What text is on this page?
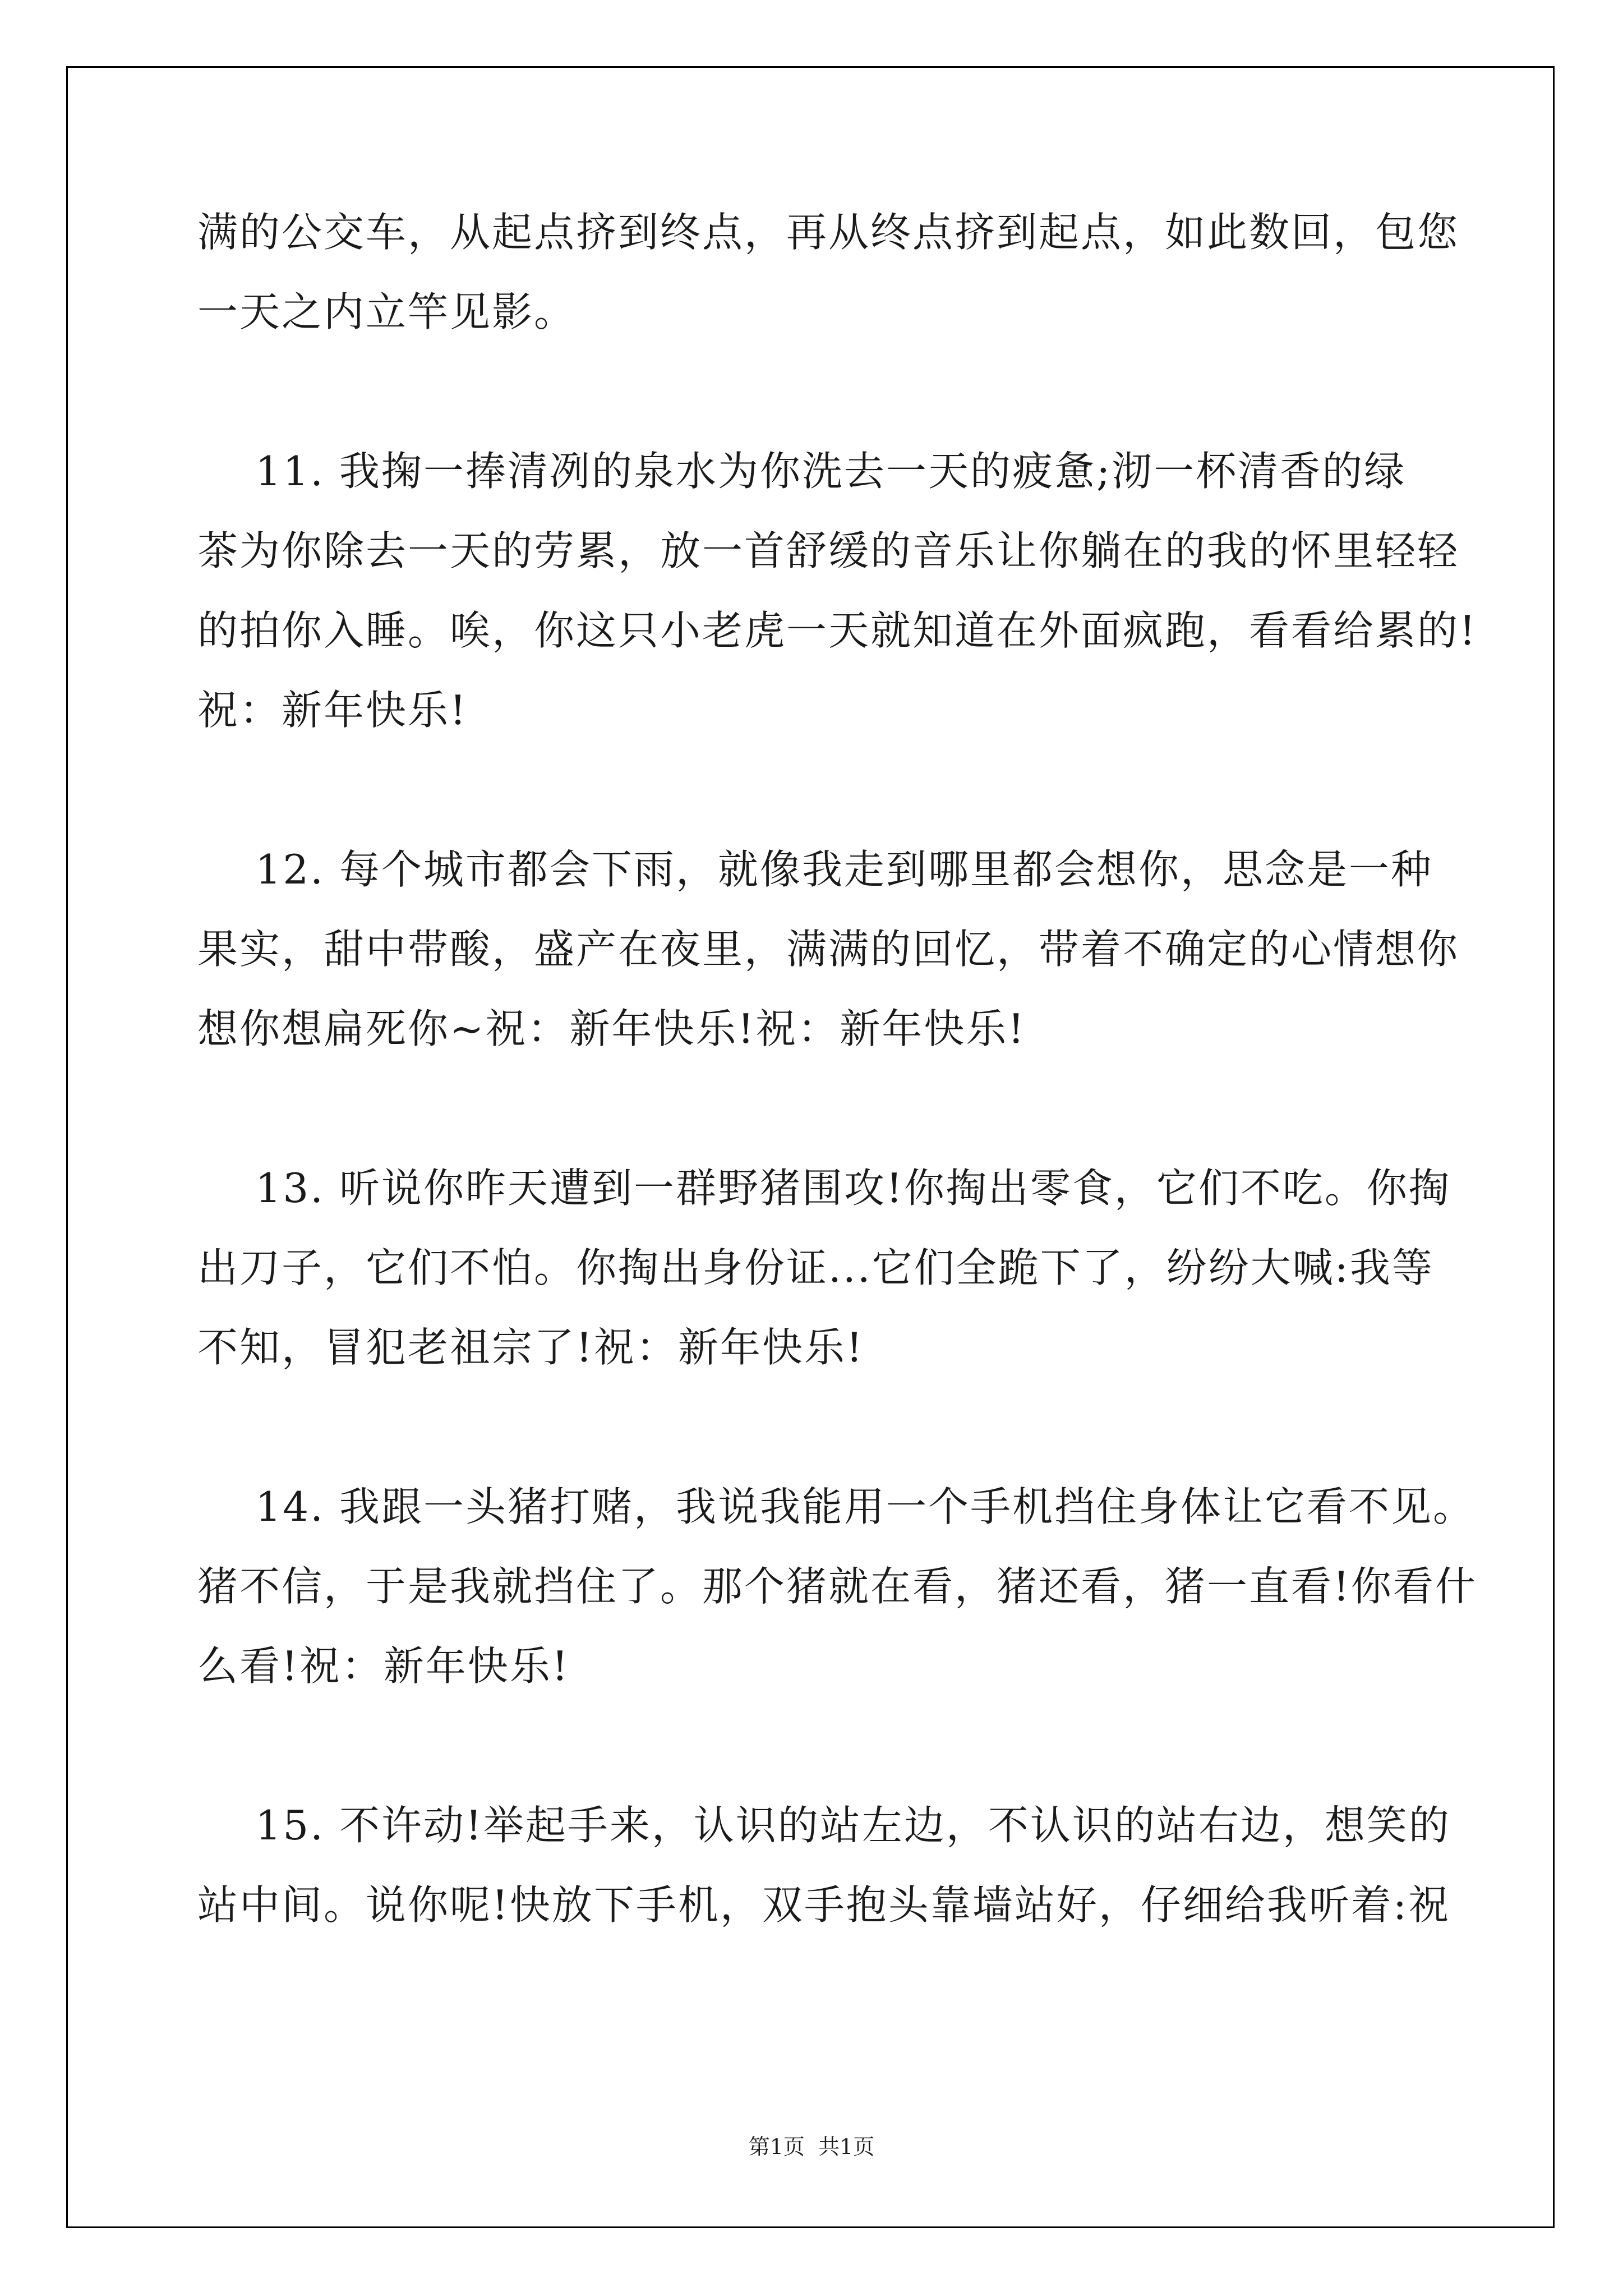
满的公交车，从起点挤到终点，再从终点挤到起点，如此数回，包您
一天之内立竿见影。
11. 我掬一捧清冽的泉水为你洗去一天的疲惫;沏一杯清香的绿
茶为你除去一天的劳累，放一首舒缓的音乐让你躺在的我的怀里轻轻
的拍你入睡。唉，你这只小老虎一天就知道在外面疯跑，看看给累的!
祝：新年快乐!
12. 每个城市都会下雨，就像我走到哪里都会想你，思念是一种
果实，甜中带酸，盛产在夜里，满满的回忆，带着不确定的心情想你
想你想扁死你~祝：新年快乐!祝：新年快乐!
13. 听说你昨天遭到一群野猪围攻!你掏出零食，它们不吃。你掏
出刀子，它们不怕。你掏出身份证...它们全跪下了，纷纷大喊:我等
不知，冒犯老祖宗了!祝：新年快乐!
14. 我跟一头猪打赌，我说我能用一个手机挡住身体让它看不见。
猪不信，于是我就挡住了。那个猪就在看，猪还看，猪一直看!你看什
么看!祝：新年快乐!
15. 不许动!举起手来，认识的站左边，不认识的站右边，想笑的
站中间。说你呢!快放下手机，双手抱头靠墙站好，仔细给我听着:祝
第1页  共1页
